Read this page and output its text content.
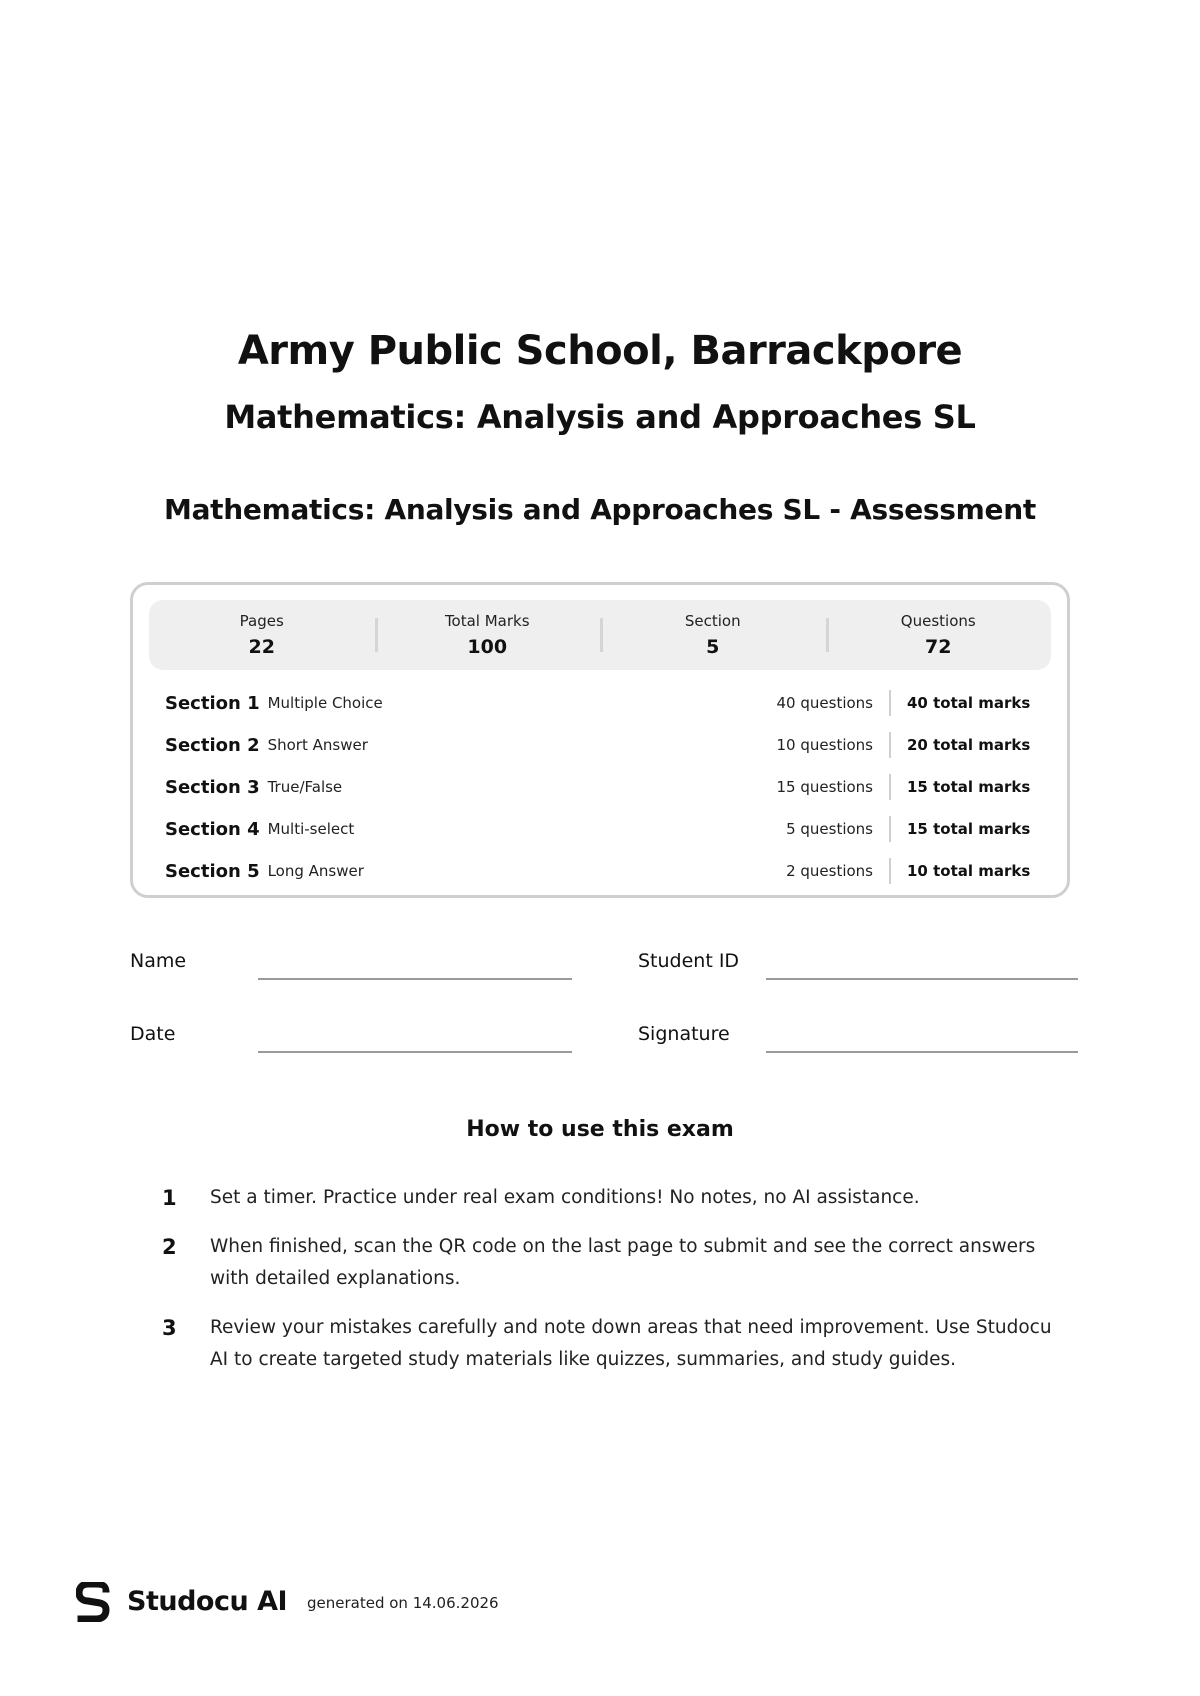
Army Public School, Barrackpore
Mathematics: Analysis and Approaches SL
Mathematics: Analysis and Approaches SL - Assessment
Pages
22
Total Marks
100
Section
5
Questions
72
Section 1 Multiple Choice	40 questions	40 total marks
Section 2 Short Answer	10 questions	20 total marks
Section 3 True/False	15 questions	15 total marks
Section 4 Multi-select	5 questions	15 total marks
Section 5 Long Answer	2 questions	10 total marks
Name	Student ID
Date	Signature
How to use this exam
1 Set a timer. Practice under real exam conditions! No notes, no AI assistance.
2 When finished, scan the QR code on the last page to submit and see the correct answers with detailed explanations.
3 Review your mistakes carefully and note down areas that need improvement. Use Studocu AI to create targeted study materials like quizzes, summaries, and study guides.
Studocu AI generated on 14.06.2026
